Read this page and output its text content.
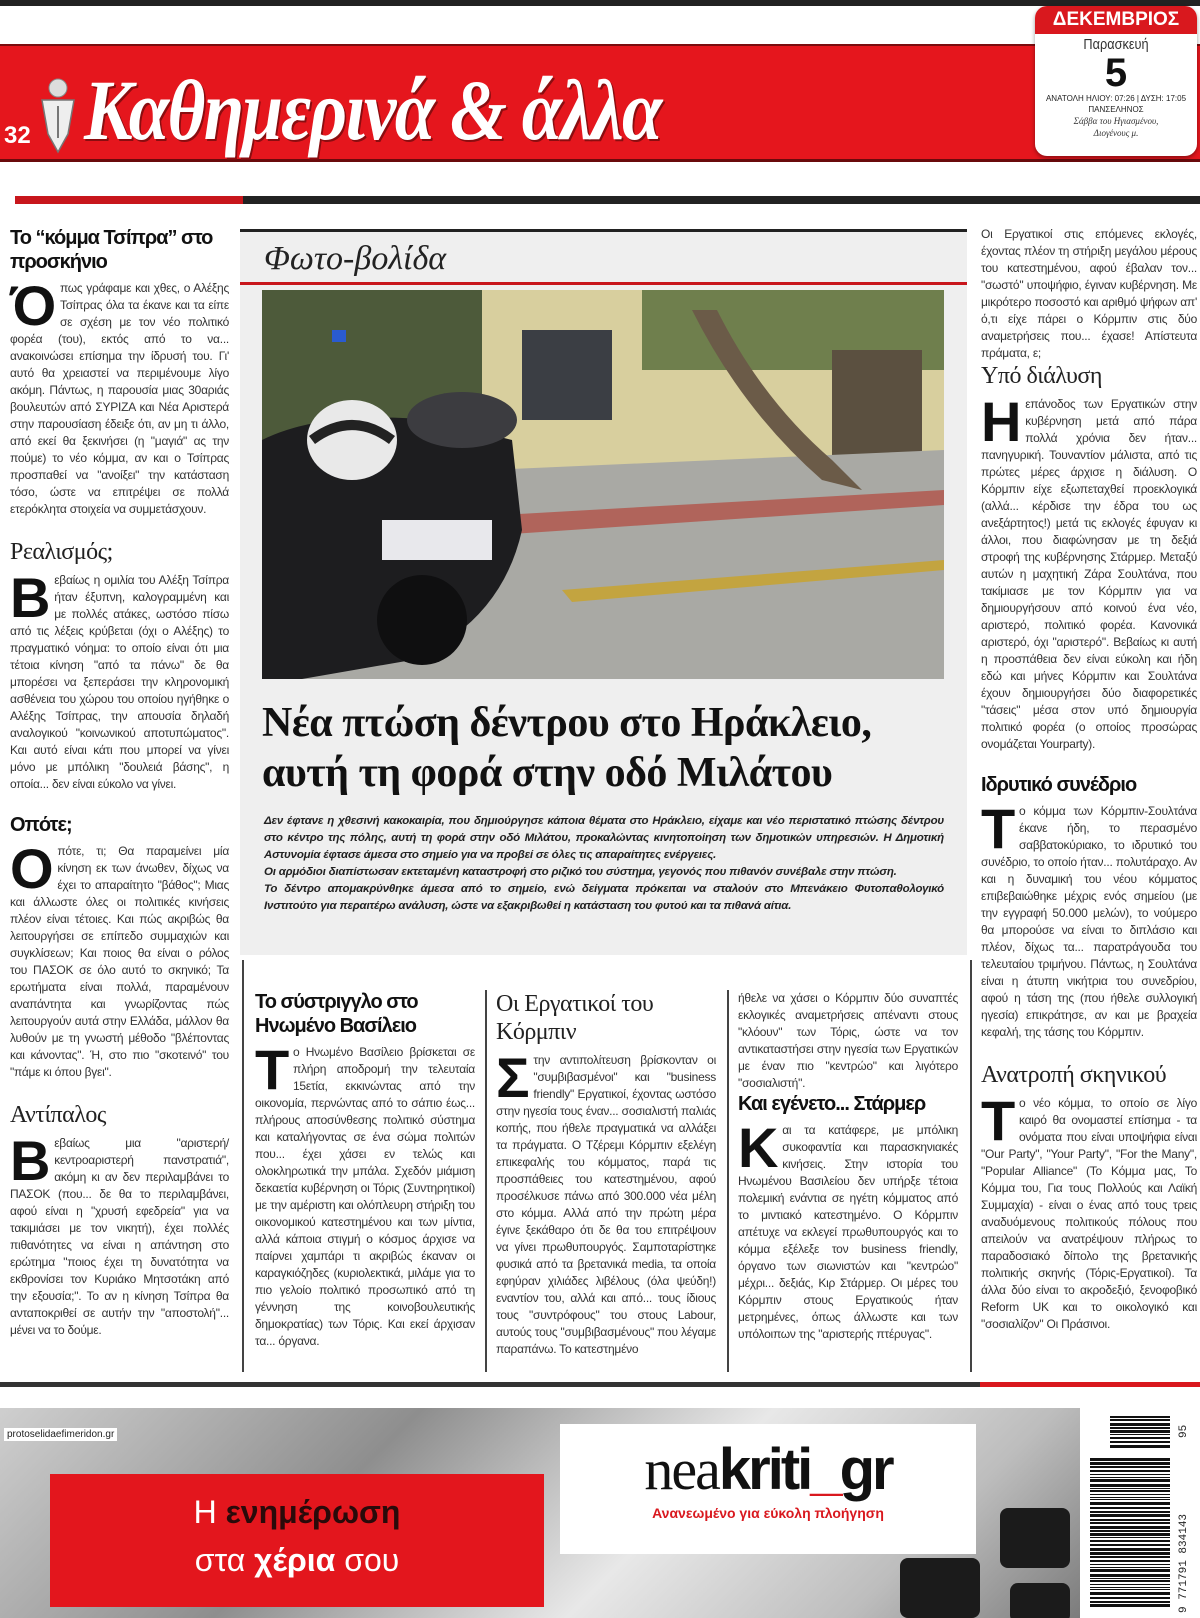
32 Καθημερινά & άλλα
ΔΕΚΕΜΒΡΙΟΣ
Παρασκευή
5
ΑΝΑΤΟΛΗ ΗΛΙΟΥ: 07:26 | ΔΥΣΗ: 17:05
ΠΑΝΣΕΛΗΝΟΣ
Σάββα του Ηγιασμένου,
Διογένους μ.
Το “κόμμα Τσίπρα” στο προσκήνιο

Όπως γράφαμε και χθες, ο Αλέξης Τσίπρας όλα τα έκανε και τα είπε σε σχέση με τον νέο πολιτικό φορέα (του), εκτός από το να... ανακοινώσει επίσημα την ίδρυσή του. Γι' αυτό θα χρειαστεί να περιμένουμε λίγο ακόμη. Πάντως, η παρουσία μιας 30αριάς βουλευτών από ΣΥΡΙΖΑ και Νέα Αριστερά στην παρουσίαση έδειξε ότι, αν μη τι άλλο, από εκεί θα ξεκινήσει (η "μαγιά" ας την πούμε) το νέο κόμμα, αν και ο Τσίπρας προσπαθεί να "ανοίξει" την κατάσταση τόσο, ώστε να επιτρέψει σε πολλά ετερόκλητα στοιχεία να συμμετάσχουν.

Ρεαλισμός;

Βεβαίως η ομιλία του Αλέξη Τσίπρα ήταν έξυπνη, καλογραμμένη και με πολλές ατάκες, ωστόσο πίσω από τις λέξεις κρύβεται (όχι ο Αλέξης) το πραγματικό νόημα: το οποίο είναι ότι μια τέτοια κίνηση "από τα πάνω" δε θα μπορέσει να ξεπεράσει την κληρονομική ασθένεια του χώρου του οποίου ηγήθηκε ο Αλέξης Τσίπρας, την απουσία δηλαδή αναλογικού "κοινωνικού αποτυπώματος". Και αυτό είναι κάτι που μπορεί να γίνει μόνο με μπόλικη "δουλειά βάσης", η οποία... δεν είναι εύκολο να γίνει.

Οπότε;

Οπότε, τι; Θα παραμείνει μία κίνηση εκ των άνωθεν, δίχως να έχει το απαραίτητο "βάθος"; Μιας και άλλωστε όλες οι πολιτικές κινήσεις πλέον είναι τέτοιες. Και πώς ακριβώς θα λειτουργήσει σε επίπεδο συμμαχιών και συγκλίσεων; Και ποιος θα είναι ο ρόλος του ΠΑΣΟΚ σε όλο αυτό το σκηνικό; Τα ερωτήματα είναι πολλά, παραμένουν αναπάντητα και γνωρίζοντας πώς λειτουργούν αυτά στην Ελλάδα, μάλλον θα λυθούν με τη γνωστή μέθοδο "βλέποντας και κάνοντας". Ή, στο πιο "σκοτεινό" του "πάμε κι όπου βγει".

Αντίπαλος

Βεβαίως μια "αριστερή/κεντροαριστερή πανστρατιά", ακόμη κι αν δεν περιλαμβάνει το ΠΑΣΟΚ (που... δε θα το περιλαμβάνει, αφού είναι η "χρυσή εφεδρεία" για να τακιμιάσει με τον νικητή), έχει πολλές πιθανότητες να είναι η απάντηση στο ερώτημα "ποιος έχει τη δυνατότητα να εκθρονίσει τον Κυριάκο Μητσοτάκη από την εξουσία;". Το αν η κίνηση Τσίπρα θα ανταποκριθεί σε αυτήν την "αποστολή"... μένει να το δούμε.

Φωτο-βολίδα
Νέα πτώση δέντρου στο Ηράκλειο,
αυτή τη φορά στην οδό Μιλάτου

Δεν έφτανε η χθεσινή κακοκαιρία, που δημιούργησε κάποια θέματα στο Ηράκλειο, είχαμε και νέο περιστατικό πτώσης δέντρου στο κέντρο της πόλης, αυτή τη φορά στην οδό Μιλάτου, προκαλώντας κινητοποίηση των δημοτικών υπηρεσιών. Η Δημοτική Αστυνομία έφτασε άμεσα στο σημείο για να προβεί σε όλες τις απαραίτητες ενέργειες.

Οι αρμόδιοι διαπίστωσαν εκτεταμένη καταστροφή στο ριζικό του σύστημα, γεγονός που πιθανόν συνέβαλε στην πτώση.

Το δέντρο απομακρύνθηκε άμεσα από το σημείο, ενώ δείγματα πρόκειται να σταλούν στο Μπενάκειο Φυτοπαθολογικό Ινστιτούτο για περαιτέρω ανάλυση, ώστε να εξακριβωθεί η κατάσταση του φυτού και τα πιθανά αίτια.

Το σύστριγγλο στο Ηνωμένο Βασίλειο

Το Ηνωμένο Βασίλειο βρίσκεται σε πλήρη αποδρομή την τελευταία 15ετία, εκκινώντας από την οικονομία, περνώντας από το σάπιο έως... πλήρους αποσύνθεσης πολιτικό σύστημα και καταλήγοντας σε ένα σώμα πολιτών που... έχει χάσει εν τελώς και ολοκληρωτικά την μπάλα. Σχεδόν μιάμιση δεκαετία κυβέρνηση οι Τόρις (Συντηρητικοί) με την αμέριστη και ολόπλευρη στήριξη του οικονομικού κατεστημένου και των μίντια, αλλά κάποια στιγμή ο κόσμος άρχισε να παίρνει χαμπάρι τι ακριβώς έκαναν οι καραγκιόζηδες (κυριολεκτικά, μιλάμε για το πιο γελοίο πολιτικό προσωπικό από τη γέννηση της κοινοβουλευτικής δημοκρατίας) των Τόρις. Και εκεί άρχισαν τα... όργανα.

Οι Εργατικοί του Κόρμπιν

Στην αντιπολίτευση βρίσκονταν οι "συμβιβασμένοι" και "business friendly" Εργατικοί, έχοντας ωστόσο στην ηγεσία τους έναν... σοσιαλιστή παλιάς κοπής, που ήθελε πραγματικά να αλλάξει τα πράγματα. Ο Τζέρεμι Κόρμπιν εξελέγη επικεφαλής του κόμματος, παρά τις προσπάθειες του κατεστημένου, αφού προσέλκυσε πάνω από 300.000 νέα μέλη στο κόμμα. Αλλά από την πρώτη μέρα έγινε ξεκάθαρο ότι δε θα του επιτρέψουν να γίνει πρωθυπουργός. Σαμποταρίστηκε φυσικά από τα βρετανικά media, τα οποία εφηύραν χιλιάδες λιβέλους (όλα ψεύδη!) εναντίον του, αλλά και από... τους ίδιους τους "συντρόφους" του στους Labour, αυτούς τους "συμβιβασμένους" που λέγαμε παραπάνω. Το κατεστημένο

ήθελε να χάσει ο Κόρμπιν δύο συναπτές εκλογικές αναμετρήσεις απέναντι στους "κλόουν" των Τόρις, ώστε να τον αντικαταστήσει στην ηγεσία των Εργατικών με έναν πιο "κεντρώο" και λιγότερο "σοσιαλιστή".

Και εγένετο... Στάρμερ

Και τα κατάφερε, με μπόλικη συκοφαντία και παρασκηνιακές κινήσεις. Στην ιστορία του Ηνωμένου Βασιλείου δεν υπήρξε τέτοια πολεμική ενάντια σε ηγέτη κόμματος από το μιντιακό κατεστημένο. Ο Κόρμπιν απέτυχε να εκλεγεί πρωθυπουργός και το κόμμα εξέλεξε τον business friendly, όργανο των σιωνιστών και "κεντρώο" μέχρι... δεξιάς, Κιρ Στάρμερ. Οι μέρες του Κόρμπιν στους Εργατικούς ήταν μετρημένες, όπως άλλωστε και των υπόλοιπων της "αριστερής πτέρυγας".

Οι Εργατικοί στις επόμενες εκλογές, έχοντας πλέον τη στήριξη μεγάλου μέρους του κατεστημένου, αφού έβαλαν τον... "σωστό" υποψήφιο, έγιναν κυβέρνηση. Με μικρότερο ποσοστό και αριθμό ψήφων απ' ό,τι είχε πάρει ο Κόρμπιν στις δύο αναμετρήσεις που... έχασε! Απίστευτα πράματα, ε;

Υπό διάλυση

Ηεπάνοδος των Εργατικών στην κυβέρνηση μετά από πάρα πολλά χρόνια δεν ήταν... πανηγυρική. Τουναντίον μάλιστα, από τις πρώτες μέρες άρχισε η διάλυση. Ο Κόρμπιν είχε εξωπεταχθεί προεκλογικά (αλλά... κέρδισε την έδρα του ως ανεξάρτητος!) μετά τις εκλογές έφυγαν κι άλλοι, που διαφώνησαν με τη δεξιά στροφή της κυβέρνησης Στάρμερ. Μεταξύ αυτών η μαχητική Ζάρα Σουλτάνα, που τακίμιασε με τον Κόρμπιν για να δημιουργήσουν από κοινού ένα νέο, αριστερό, πολιτικό φορέα. Κανονικά αριστερό, όχι "αριστερό". Βεβαίως κι αυτή η προσπάθεια δεν είναι εύκολη και ήδη εδώ και μήνες Κόρμπιν και Σουλτάνα έχουν δημιουργήσει δύο διαφορετικές "τάσεις" μέσα στον υπό δημιουργία πολιτικό φορέα (ο οποίος προσώρας ονομάζεται Yourparty).

Ιδρυτικό συνέδριο

Το κόμμα των Κόρμπιν-Σουλτάνα έκανε ήδη, το περασμένο σαββατοκύριακο, το ιδρυτικό του συνέδριο, το οποίο ήταν... πολυτάραχο. Αν και η δυναμική του νέου κόμματος επιβεβαιώθηκε μέχρις ενός σημείου (με την εγγραφή 50.000 μελών), το νούμερο θα μπορούσε να είναι το διπλάσιο και πλέον, δίχως τα... παρατράγουδα του τελευταίου τριμήνου. Πάντως, η Σουλτάνα είναι η άτυπη νικήτρια του συνεδρίου, αφού η τάση της (που ήθελε συλλογική ηγεσία) επικράτησε, αν και με βραχεία κεφαλή, της τάσης του Κόρμπιν.

Ανατροπή σκηνικού

Το νέο κόμμα, το οποίο σε λίγο καιρό θα ονομαστεί επίσημα - τα ονόματα που είναι υποψήφια είναι "Our Party", "Your Party", "For the Many", "Popular Alliance" (Το Κόμμα μας, Το Κόμμα του, Για τους Πολλούς και Λαϊκή Συμμαχία) - είναι ο ένας από τους τρεις αναδυόμενους πολιτικούς πόλους που απειλούν να ανατρέψουν πλήρως το παραδοσιακό δίπολο της βρετανικής πολιτικής σκηνής (Τόρις-Εργατικοί). Τα άλλα δύο είναι το ακροδεξιό, ξενοφοβικό Reform UK και το οικολογικό και "σοσιαλίζον" Οι Πράσινοι.

protoselidaefimeridon.gr
Η ενημέρωση
στα χέρια σου
neakriti_gr
Ανανεωμένο για εύκολη πλοήγηση
9 771791 834143
95
